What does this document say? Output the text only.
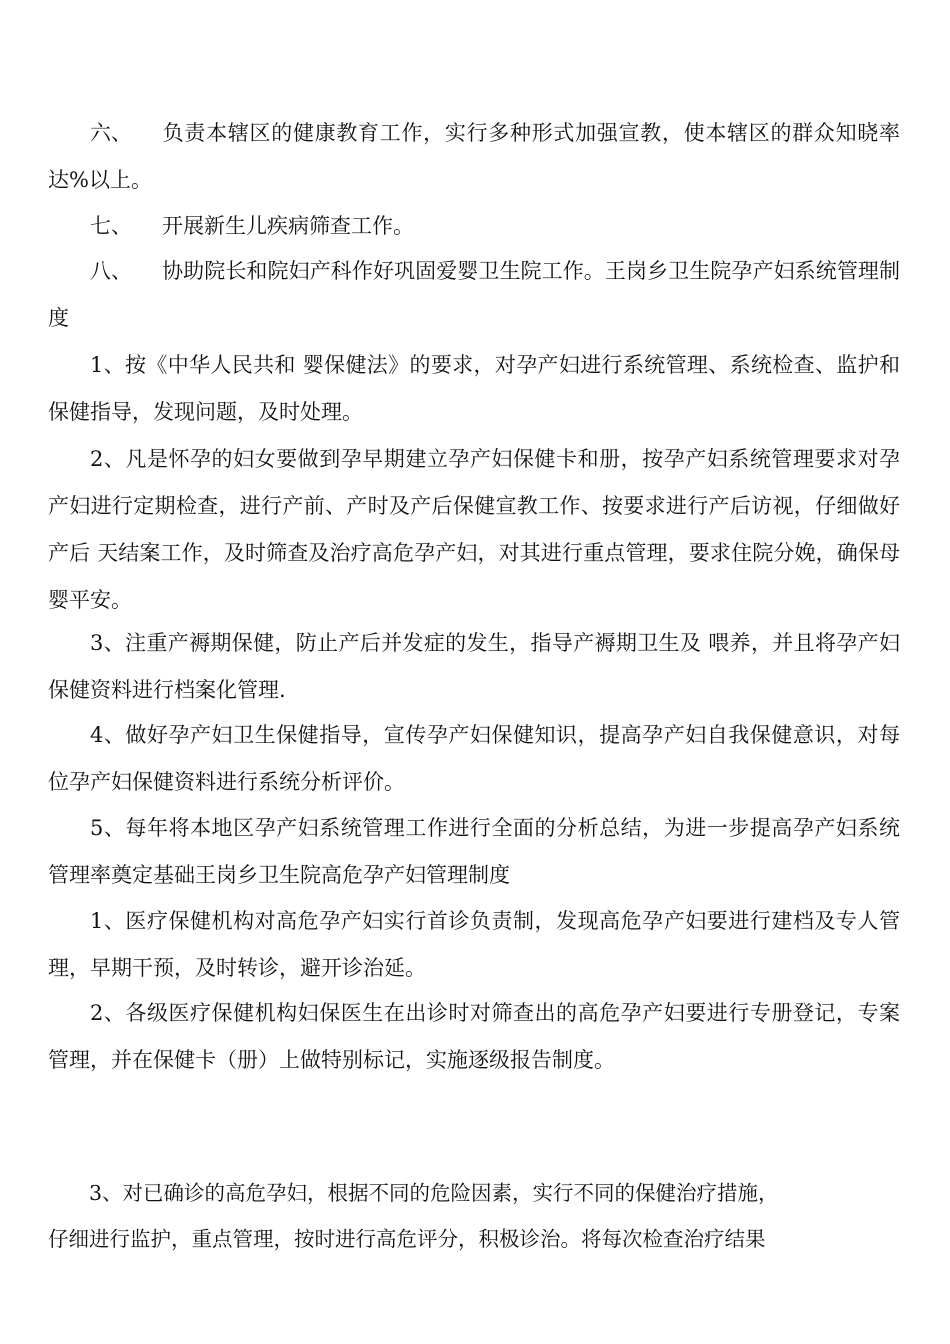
六、 负责本辖区的健康教育工作，实行多种形式加强宣教，使本辖区的群众知晓率达%以上。

七、 开展新生儿疾病筛查工作。

八、 协助院长和院妇产科作好巩固爱婴卫生院工作。王岗乡卫生院孕产妇系统管理制度

1、按《中华人民共和 婴保健法》的要求，对孕产妇进行系统管理、系统检查、监护和保健指导，发现问题，及时处理。

2、凡是怀孕的妇女要做到孕早期建立孕产妇保健卡和册，按孕产妇系统管理要求对孕产妇进行定期检查，进行产前、产时及产后保健宣教工作、按要求进行产后访视，仔细做好产后 天结案工作，及时筛查及治疗高危孕产妇，对其进行重点管理，要求住院分娩，确保母婴平安。

3、注重产褥期保健，防止产后并发症的发生，指导产褥期卫生及 喂养，并且将孕产妇保健资料进行档案化管理.

4、做好孕产妇卫生保健指导，宣传孕产妇保健知识，提高孕产妇自我保健意识，对每位孕产妇保健资料进行系统分析评价。

5、每年将本地区孕产妇系统管理工作进行全面的分析总结，为进一步提高孕产妇系统管理率奠定基础王岗乡卫生院高危孕产妇管理制度

1、医疗保健机构对高危孕产妇实行首诊负责制，发现高危孕产妇要进行建档及专人管理，早期干预，及时转诊，避开诊治延。

2、各级医疗保健机构妇保医生在出诊时对筛查出的高危孕产妇要进行专册登记，专案管理，并在保健卡（册）上做特别标记，实施逐级报告制度。

3、对已确诊的高危孕妇，根据不同的危险因素，实行不同的保健治疗措施，
仔细进行监护，重点管理，按时进行高危评分，积极诊治。将每次检查治疗结果
